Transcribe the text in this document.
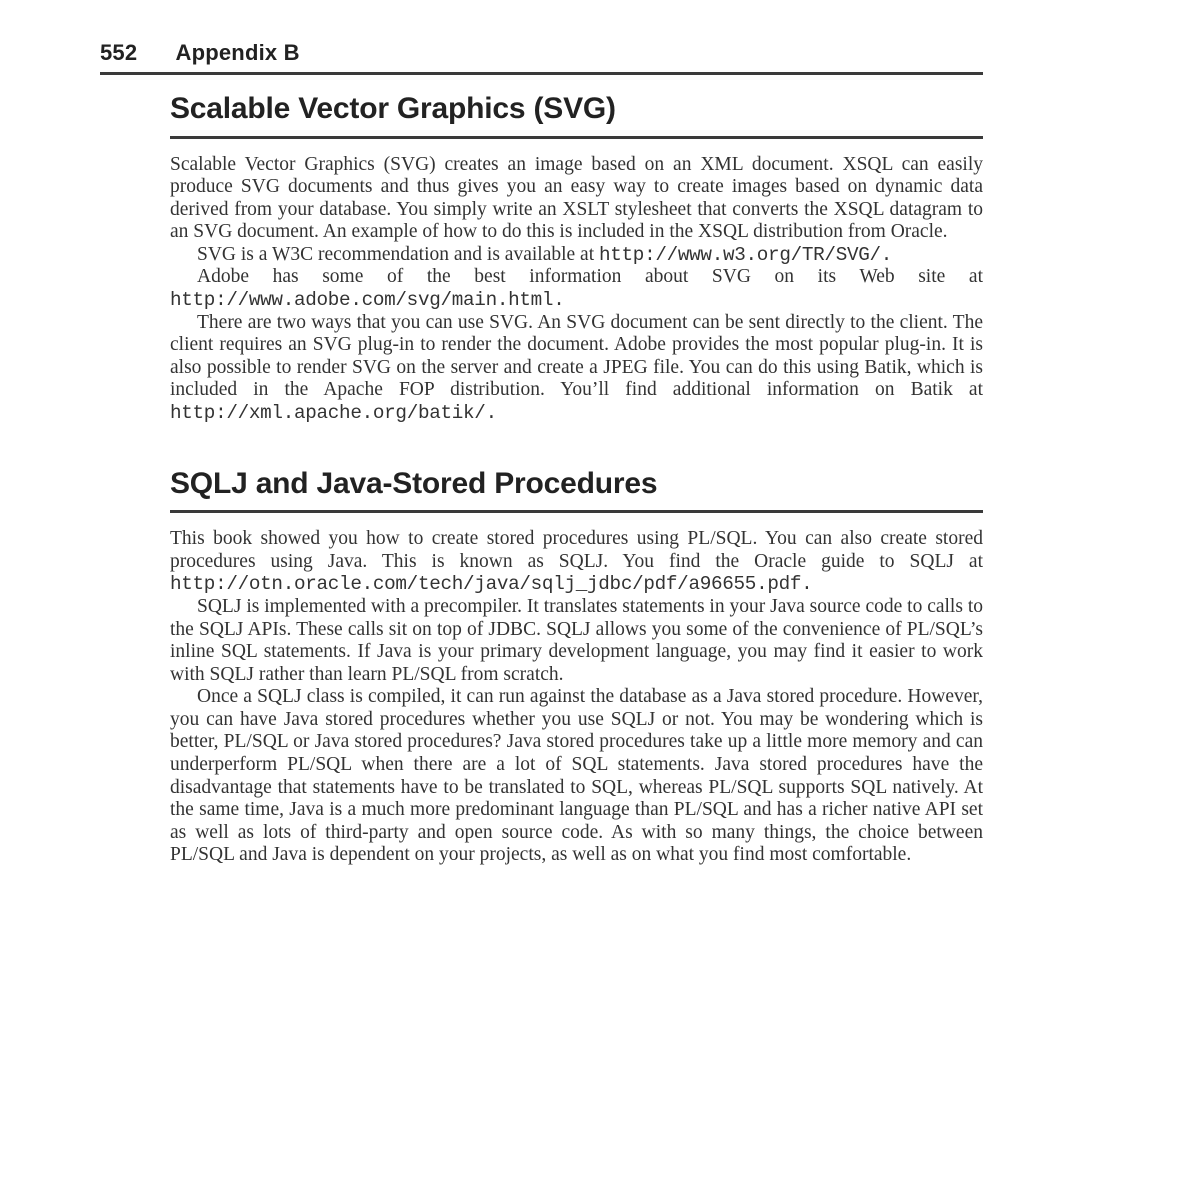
552 Appendix B
Scalable Vector Graphics (SVG)

Scalable Vector Graphics (SVG) creates an image based on an XML document. XSQL can easily produce SVG documents and thus gives you an easy way to create images based on dynamic data derived from your database. You simply write an XSLT stylesheet that converts the XSQL datagram to an SVG document. An example of how to do this is included in the XSQL distribution from Oracle.

SVG is a W3C recommendation and is available at http://www.w3.org/TR/SVG/.

Adobe has some of the best information about SVG on its Web site at http://www.adobe.com/svg/main.html.

There are two ways that you can use SVG. An SVG document can be sent directly to the client. The client requires an SVG plug-in to render the document. Adobe provides the most popular plug-in. It is also possible to render SVG on the server and create a JPEG file. You can do this using Batik, which is included in the Apache FOP distribution. You’ll find additional information on Batik at http://xml.apache.org/batik/.

SQLJ and Java-Stored Procedures

This book showed you how to create stored procedures using PL/SQL. You can also create stored procedures using Java. This is known as SQLJ. You find the Oracle guide to SQLJ at http://otn.oracle.com/tech/java/sqlj_jdbc/pdf/a96655.pdf.

SQLJ is implemented with a precompiler. It translates statements in your Java source code to calls to the SQLJ APIs. These calls sit on top of JDBC. SQLJ allows you some of the convenience of PL/SQL’s inline SQL statements. If Java is your primary development language, you may find it easier to work with SQLJ rather than learn PL/SQL from scratch.

Once a SQLJ class is compiled, it can run against the database as a Java stored procedure. However, you can have Java stored procedures whether you use SQLJ or not. You may be wondering which is better, PL/SQL or Java stored procedures? Java stored procedures take up a little more memory and can underperform PL/SQL when there are a lot of SQL statements. Java stored procedures have the disadvantage that statements have to be translated to SQL, whereas PL/SQL supports SQL natively. At the same time, Java is a much more predominant language than PL/SQL and has a richer native API set as well as lots of third-party and open source code. As with so many things, the choice between PL/SQL and Java is dependent on your projects, as well as on what you find most comfortable.
